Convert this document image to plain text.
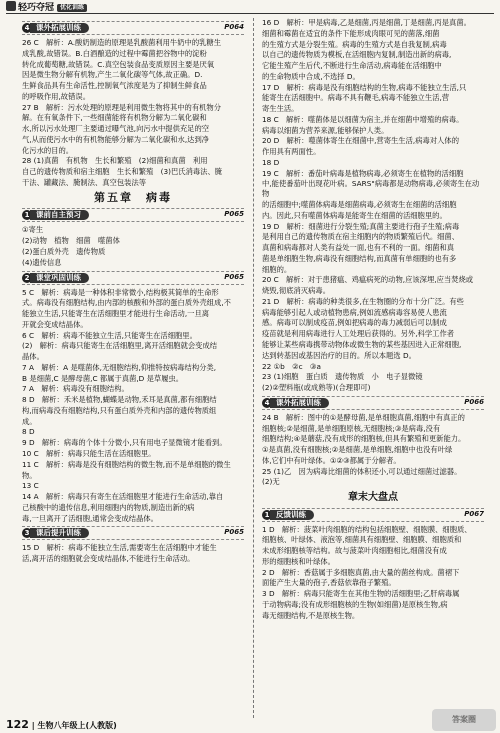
轻巧夺冠 优化训练
4 课外拓展训练	P064

26 C　解析：A.酸奶制造的原理是乳酸菌利用牛奶中的乳糖生

成乳酸,故错误。B.白酒酿造的过程中霉菌把谷物中的淀粉

转化成葡萄糖,故错误。C.真空包装食品变质原因主要是厌氧

因是微生物分解有机物,产生二氧化碳等气体,故正确。D.

生鲜食品具有生命活性,控制氧气浓度是为了抑制生鲜食品

的呼吸作用,故错误。

27 B　解析：污水处理的原理是利用微生物将其中的有机物分

解。在有氧条件下,一些细菌能将有机物分解为二氧化碳和

水,所以污水处理厂主要通过曝气池,向污水中提供充足的空

气,从而使污水中的有机物能够分解为二氧化碳和水,达到净

化污水的目的。

28 (1)真菌　有机物　生长和繁殖　(2)细菌和真菌　利用

自己的遗传物质和宿主细胞　生长和繁殖　(3)巴氏消毒法、腌

干法、罐藏法、腌制法、真空包装法等

第五章　病毒
1 课前自主预习	P065

①寄生

(2)动物　植物　细菌　噬菌体

(2)蛋白质外壳　遗传物质

(4)遗传信息

2 课堂巩固训练	P065

5 C　解析：病毒是一种体积非常微小,结构极其简单的生命形

式。病毒没有细胞结构,由内部的核酸和外部的蛋白质外壳组成,不

能独立生活,只能寄生在活细胞里才能进行生命活动,一旦离

开就会变成结晶体。

6 C　解析：病毒不能独立生活,只能寄生在活细胞里。

(2)　解析：病毒只能寄生在活细胞里,离开活细胞就会变成结

晶体。

7 A　解析：A 是噬菌体,无细胞结构,仰推特按病毒结构分类,

B 是细菌,C 是酵母菌,C 都属于真菌,D 是草履虫。

7 A　解析：病毒没有细胞结构。

8 D　解析：禾米是植物,蝴蝶是动物,禾耳是真菌,都有细胞结

构,而病毒没有细胞结构,只有蛋白质外壳和内部的遗传物质组

成。

8 D

9 D　解析：病毒的个体十分微小,只有用电子显微镜才能看到。

10 C　解析：病毒只能生活在活细胞里。

11 C　解析：病毒是没有细胞结构的微生物,而不是单细胞的微生

物。

13 C

14 A　解析：病毒只有寄生在活细胞里才能进行生命活动,靠自

己核酸中的遗传信息,利用细胞内的物质,制造出新的病

毒,一旦离开了活细胞,通常会变成结晶体。

3 课后提升训练	P065

15 D　解析：病毒不能独立生活,需要寄生在活细胞中才能生

活,离开活的细胞就会变成结晶体,不能进行生命活动。

16 D　解析：甲是病毒,乙是细菌,丙是细菌,丁是细菌,丙是真菌。

细菌和霉菌在适宜的条件下能形成肉眼可见的菌落,细菌

的生殖方式是分裂生殖。病毒的生殖方式是自我复制,病毒

以自己的遗传物质为模板,在活细胞内复制,制造出新的病毒,

它能生殖产生后代,不断进行生命活动,病毒能在活细胞中

的生命物质中合成,不选择 D。

17 D　解析：病毒是没有细胞结构的生物,病毒不能独立生活,只

能寄生在活细胞中。病毒不具有鞭毛,病毒不能独立生活,营

寄生生活。

18 C　解析：噬菌体是以细菌为宿主,并在细菌中增殖的病毒。

病毒以细菌为营养来源,能够保护人类。

20 D　解析：噬菌体寄生在细菌中,营寄生生活,病毒对人体的

作用具有两面性。

18 D

19 C　解析：番茄叶病毒是植物病毒,必须寄生在植物的活细胞

中,能使番茄叶出现花叶病。SARS"病毒都是动物病毒,必须寄生在动物

的活细胞中;噬菌体病毒是细菌病毒,必须寄生在细菌的活细胞

内。因此,只有噬菌体病毒是能寄生在细菌的活细胞里的。

19 D　解析：细菌进行分裂生殖;真菌主要进行孢子生殖;病毒

是利用自己的遗传物质在宿主细胞内的物质繁殖后代。细菌、

真菌和病毒都对人类有益处一面,也有不利的一面。细菌和真

菌是单细胞生物,病毒没有细胞结构,而真菌有单细胞的也有多

细胞的。

20 C　解析：对于患猪瘟、鸡瘟病死的动物,应该深埋,应当焚烧或

烧毁,彻底消灭病毒。

21 D　解析：病毒的种类很多,在生物圈的分布十分广泛。有些

病毒能够引起人或动植物患病,例如流感病毒容易使人患流

感。病毒可以制成疫苗,例如把病毒的毒力减弱后可以制成

疫苗就是利用病毒进行人工处理后获得的。另外,科学工作者

能够让某些病毒携带动物体或微生物的某些基因进入正常细胞,

达到转基因或基因治疗的目的。所以本题选 D。

22 ①b　②c　③a

23 (1)细胞　蛋白质　遗传物质　小　电子显微镜

(2)②塑料瓶(或成熟等)(合理即可)

4 课外拓展训练	P066

24 B　解析：图中的①是酵母菌,是单细胞真菌,细胞中有真正的

细胞核;②是细菌,是单细胞原核,无细胞核;③是病毒,没有

细胞结构;④是蘑菇,没有成形的细胞核,但具有繁殖和更新能力。

①是真菌,没有细胞核;②是细菌,是单细胞,细胞中也没有叶绿

体,它们中有叶绿体。①②③都属于分解者。

25 (1)乙　因为病毒比细菌的体积还小,可以通过细菌过滤器。

(2)无

章末大盘点
1 反馈训练	P067

1 D　解析：菠菜叶肉细胞的结构包括细胞壁、细胞膜、细胞质、

细胞核、叶绿体、液泡等,细菌具有细胞壁、细胞膜、细胞质和

未成形细胞核等结构。故与菠菜叶肉细胞相比,细菌没有成

形的细胞核和叶绿体。

2 D　解析：香菇属于多细胞真菌,由大量的菌丝构成。菌褶下

面能产生大量的孢子,香菇依靠孢子繁殖。

3 D　解析：病毒只能寄生在其他生物的活细胞里;乙肝病毒属

于动物病毒;没有成形细胞核的生物(如细菌)是原核生物,病

毒无细胞结构,不是原核生物。

122 | 生物八年级上(人教版)
答案圈
